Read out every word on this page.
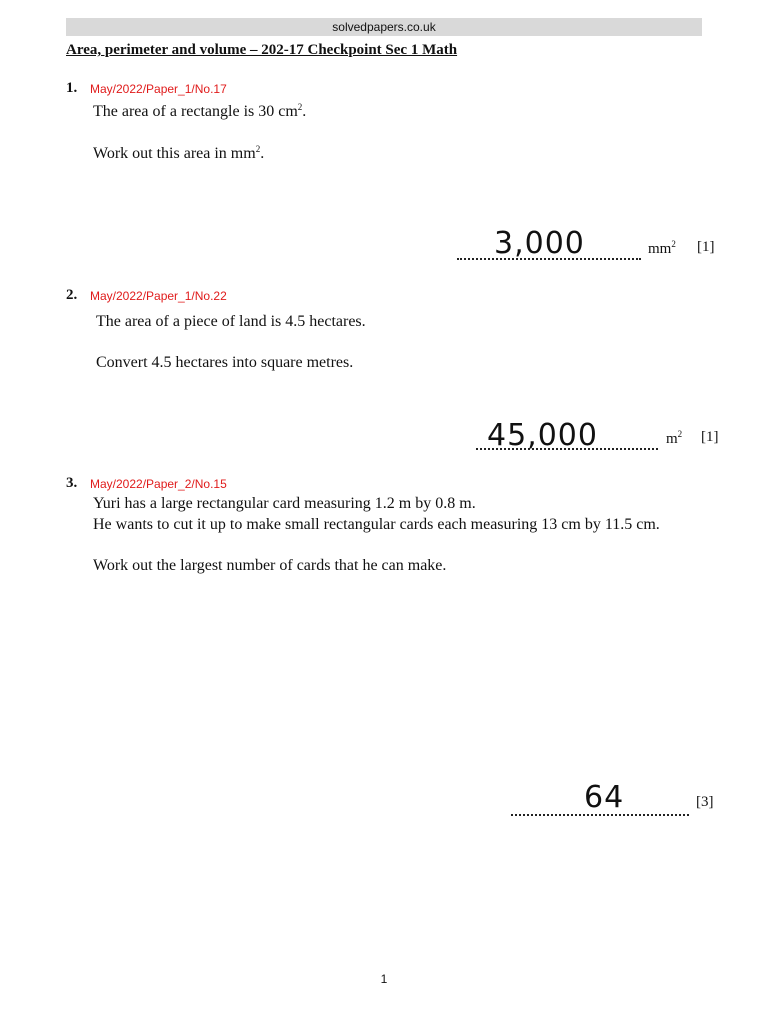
solvedpapers.co.uk
Area, perimeter and volume – 202-17 Checkpoint Sec 1 Math
1. May/2022/Paper_1/No.17
The area of a rectangle is 30 $cm^2$.
Work out this area in $mm^2$.
3,000	$mm^2$ [1]
2. May/2022/Paper_1/No.22
The area of a piece of land is 4.5 hectares.
Convert 4.5 hectares into square metres.
45,000	$m^2$ [1]
3. May/2022/Paper_2/No.15
Yuri has a large rectangular card measuring 1.2 m by 0.8 m.
He wants to cut it up to make small rectangular cards each measuring 13 cm by 11.5 cm.
Work out the largest number of cards that he can make.
64	[3]
1
